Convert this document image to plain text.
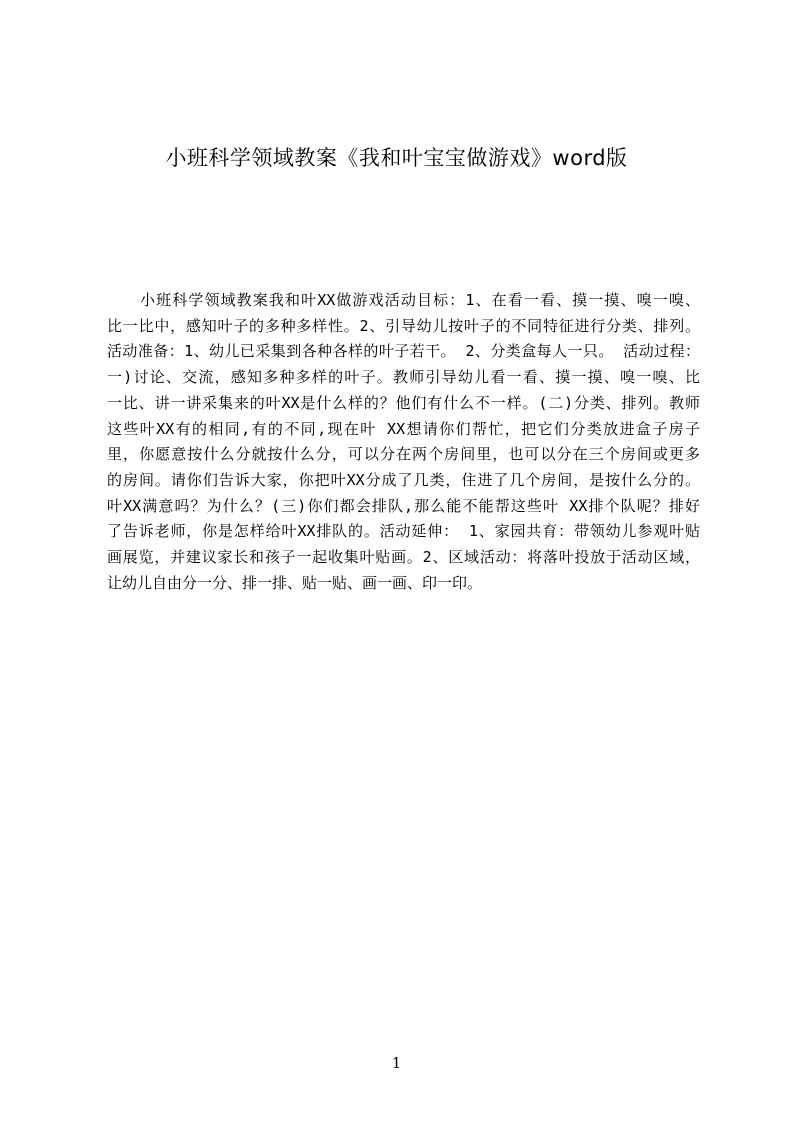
小班科学领域教案《我和叶宝宝做游戏》word版
小班科学领域教案我和叶XX做游戏活动目标：1、在看一看、摸一摸、嗅一嗅、
比一比中，感知叶子的多种多样性。2、引导幼儿按叶子的不同特征进行分类、排列。
活动准备：1、幼儿已采集到各种各样的叶子若干。 2、分类盒每人一只。 活动过程：
一)讨论、交流，感知多种多样的叶子。教师引导幼儿看一看、摸一摸、嗅一嗅、比
一比、讲一讲采集来的叶XX是什么样的？他们有什么不一样。(二)分类、排列。教师
这些叶XX有的相同,有的不同,现在叶 XX想请你们帮忙，把它们分类放进盒子房子
里，你愿意按什么分就按什么分，可以分在两个房间里，也可以分在三个房间或更多
的房间。请你们告诉大家，你把叶XX分成了几类，住进了几个房间，是按什么分的。
叶XX满意吗？为什么？(三)你们都会排队,那么能不能帮这些叶 XX排个队呢？排好
了告诉老师，你是怎样给叶XX排队的。活动延伸： 1、家园共育：带领幼儿参观叶贴
画展览，并建议家长和孩子一起收集叶贴画。2、区域活动：将落叶投放于活动区域，
让幼儿自由分一分、排一排、贴一贴、画一画、印一印。
1
